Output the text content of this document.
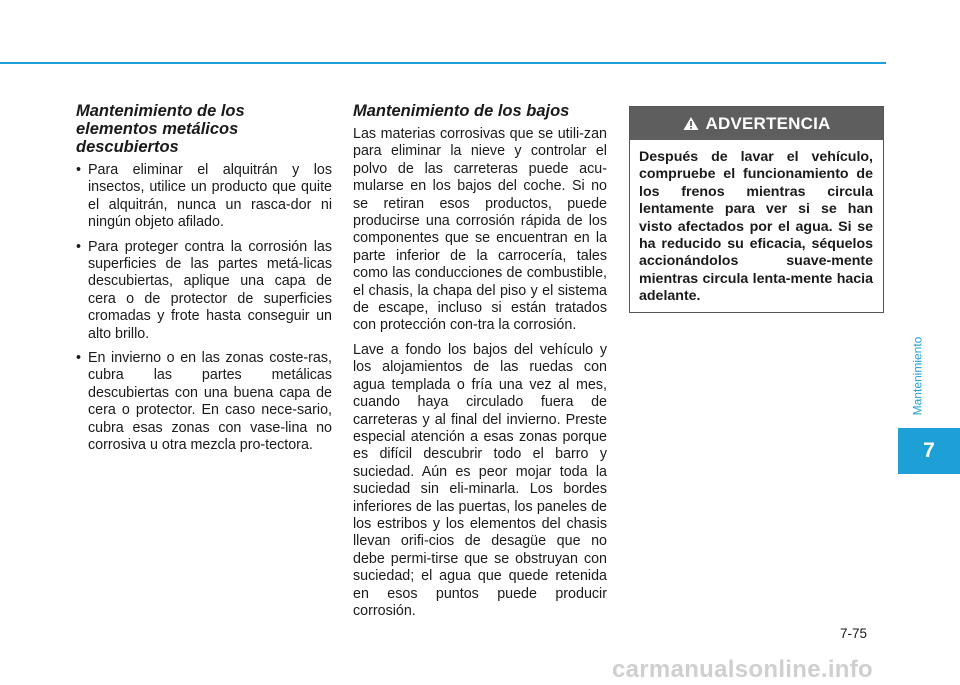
Mantenimiento de los elementos metálicos descubiertos
• Para eliminar el alquitrán y los insectos, utilice un producto que quite el alquitrán, nunca un rasca-dor ni ningún objeto afilado.
• Para proteger contra la corrosión las superficies de las partes metá-licas descubiertas, aplique una capa de cera o de protector de superficies cromadas y frote hasta conseguir un alto brillo.
• En invierno o en las zonas coste-ras, cubra las partes metálicas descubiertas con una buena capa de cera o protector. En caso nece-sario, cubra esas zonas con vase-lina no corrosiva u otra mezcla pro-tectora.
Mantenimiento de los bajos

Las materias corrosivas que se utili-zan para eliminar la nieve y controlar el polvo de las carreteras puede acu-mularse en los bajos del coche. Si no se retiran esos productos, puede producirse una corrosión rápida de los componentes que se encuentran en la parte inferior de la carrocería, tales como las conducciones de combustible, el chasis, la chapa del piso y el sistema de escape, incluso si están tratados con protección con-tra la corrosión.

Lave a fondo los bajos del vehículo y los alojamientos de las ruedas con agua templada o fría una vez al mes, cuando haya circulado fuera de carreteras y al final del invierno. Preste especial atención a esas zonas porque es difícil descubrir todo el barro y suciedad. Aún es peor mojar toda la suciedad sin eli-minarla. Los bordes inferiores de las puertas, los paneles de los estribos y los elementos del chasis llevan orifi-cios de desagüe que no debe permi-tirse que se obstruyan con suciedad; el agua que quede retenida en esos puntos puede producir corrosión.

ADVERTENCIA
Después de lavar el vehículo, compruebe el funcionamiento de los frenos mientras circula lentamente para ver si se han visto afectados por el agua. Si se ha reducido su eficacia, séquelos accionándolos suave-mente mientras circula lenta-mente hacia adelante.
Mantenimiento
7
7-75
carmanualsonline.info
